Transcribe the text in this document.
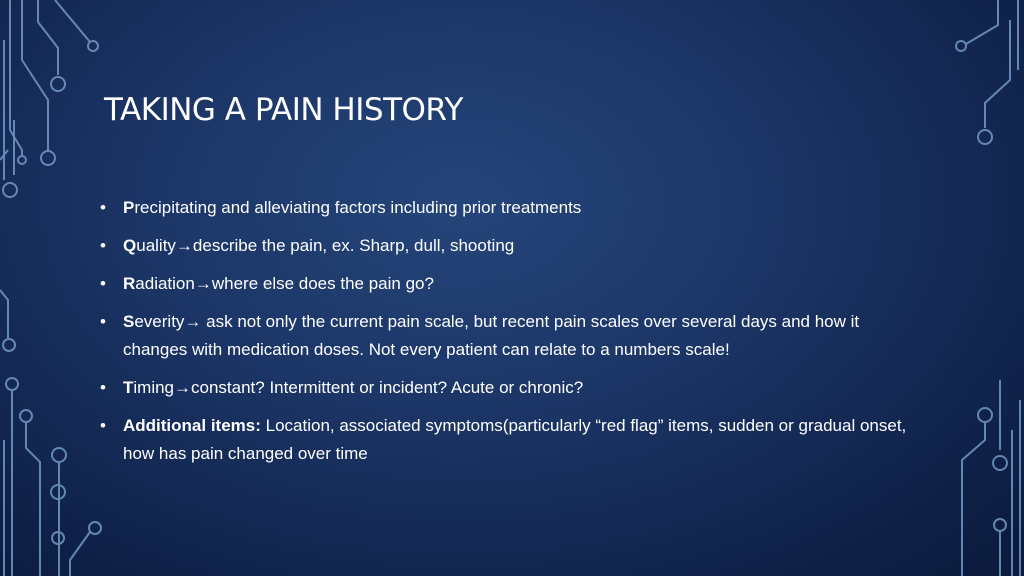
TAKING A PAIN HISTORY
• Precipitating and alleviating factors including prior treatments
• Quality→describe the pain, ex. Sharp, dull, shooting
• Radiation→where else does the pain go?
• Severity→ ask not only the current pain scale, but recent pain scales over several days and how it changes with medication doses. Not every patient can relate to a numbers scale!
• Timing→constant? Intermittent or incident? Acute or chronic?
• Additional items: Location, associated symptoms(particularly “red flag” items, sudden or gradual onset, how has pain changed over time
